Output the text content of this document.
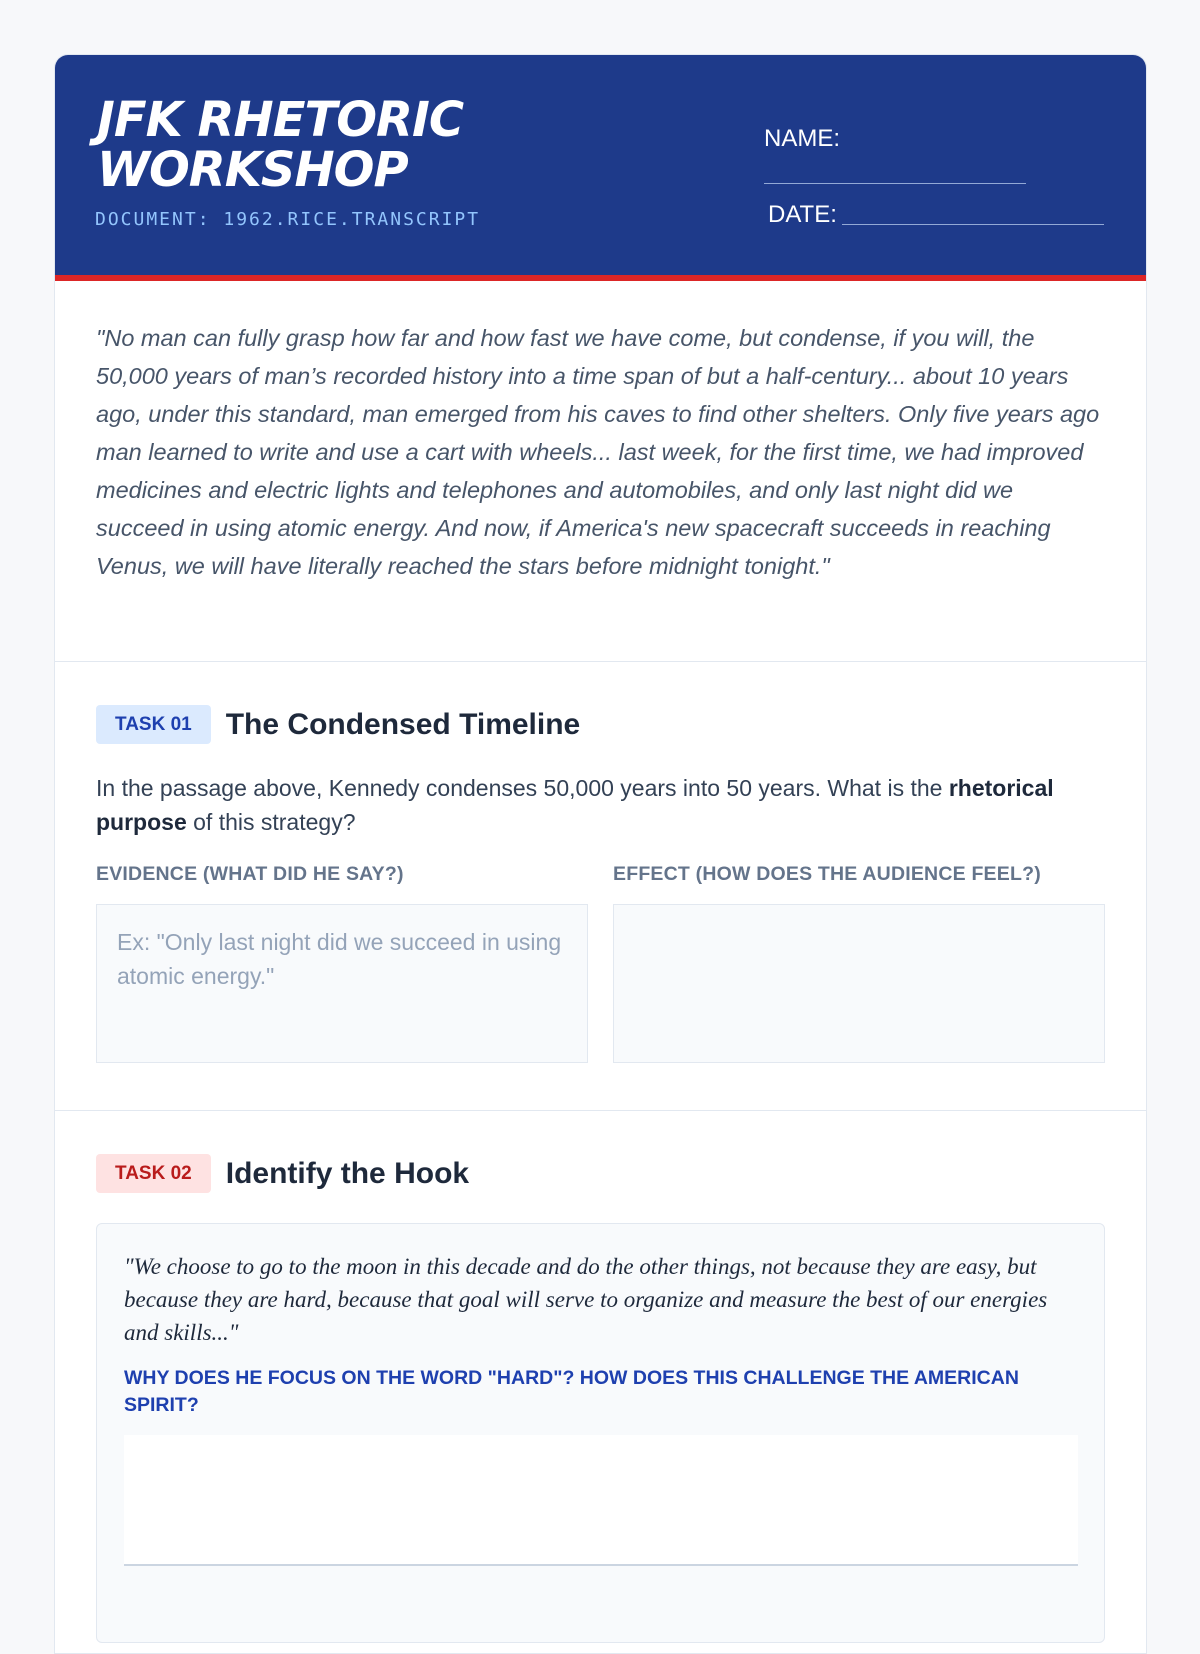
JFK RHETORIC
WORKSHOP
DOCUMENT: 1962.RICE.TRANSCRIPT
NAME:
DATE:
"No man can fully grasp how far and how fast we have come, but condense, if you will, the 50,000 years of man’s recorded history into a time span of but a half-century... about 10 years ago, under this standard, man emerged from his caves to find other shelters. Only five years ago man learned to write and use a cart with wheels... last week, for the first time, we had improved medicines and electric lights and telephones and automobiles, and only last night did we succeed in using atomic energy. And now, if America's new spacecraft succeeds in reaching Venus, we will have literally reached the stars before midnight tonight."
TASK 01	The Condensed Timeline
In the passage above, Kennedy condenses 50,000 years into 50 years. What is the rhetorical purpose of this strategy?
EVIDENCE (WHAT DID HE SAY?)
Ex: "Only last night did we succeed in using atomic energy."
EFFECT (HOW DOES THE AUDIENCE FEEL?)
TASK 02	Identify the Hook
"We choose to go to the moon in this decade and do the other things, not because they are easy, but because they are hard, because that goal will serve to organize and measure the best of our energies and skills..."
WHY DOES HE FOCUS ON THE WORD "HARD"? HOW DOES THIS CHALLENGE THE AMERICAN SPIRIT?
